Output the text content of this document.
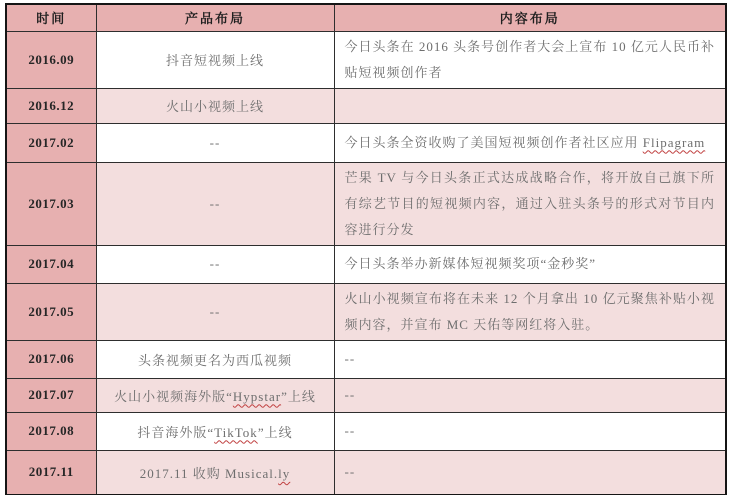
时间	产品布局	内容布局
2016.09	抖音短视频上线	今日头条在 2016 头条号创作者大会上宣布 10 亿元人民币补贴短视频创作者
2016.12	火山小视频上线	
2017.02	--	今日头条全资收购了美国短视频创作者社区应用 Flipagram
2017.03	--	芒果 TV 与今日头条正式达成战略合作，将开放自己旗下所有综艺节目的短视频内容，通过入驻头条号的形式对节目内容进行分发
2017.04	--	今日头条举办新媒体短视频奖项“金秒奖”
2017.05	--	火山小视频宣布将在未来 12 个月拿出 10 亿元聚焦补贴小视频内容，并宣布 MC 天佑等网红将入驻。
2017.06	头条视频更名为西瓜视频	--
2017.07	火山小视频海外版“Hypstar”上线	--
2017.08	抖音海外版“TikTok”上线	--
2017.11	2017.11 收购 Musical.ly	--
